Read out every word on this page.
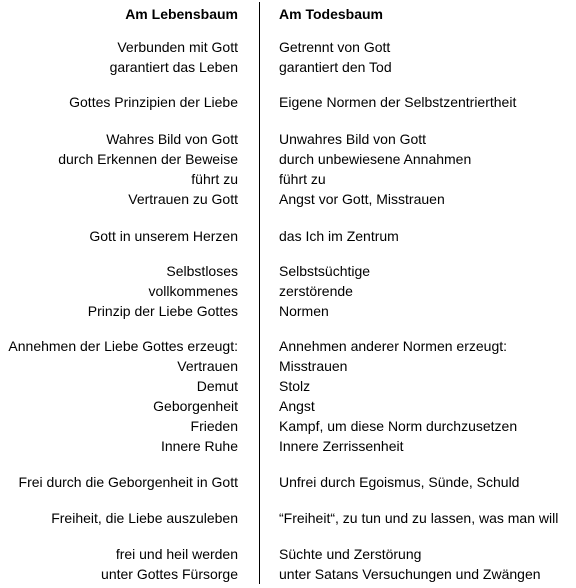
Am Lebensbaum	Am Todesbaum
Verbunden mit Gott	Getrennt von Gott
garantiert das Leben	garantiert den Tod
Gottes Prinzipien der Liebe	Eigene Normen der Selbstzentriertheit
Wahres Bild von Gott	Unwahres Bild von Gott
durch Erkennen der Beweise	durch unbewiesene Annahmen
führt zu	führt zu
Vertrauen zu Gott	Angst vor Gott, Misstrauen
Gott in unserem Herzen	das Ich im Zentrum
Selbstloses	Selbstsüchtige
vollkommenes	zerstörende
Prinzip der Liebe Gottes	Normen
Annehmen der Liebe Gottes erzeugt:	Annehmen anderer Normen erzeugt:
Vertrauen	Misstrauen
Demut	Stolz
Geborgenheit	Angst
Frieden	Kampf, um diese Norm durchzusetzen
Innere Ruhe	Innere Zerrissenheit
Frei durch die Geborgenheit in Gott	Unfrei durch Egoismus, Sünde, Schuld
Freiheit, die Liebe auszuleben	“Freiheit“, zu tun und zu lassen, was man will
frei und heil werden	Süchte und Zerstörung
unter Gottes Fürsorge	unter Satans Versuchungen und Zwängen
